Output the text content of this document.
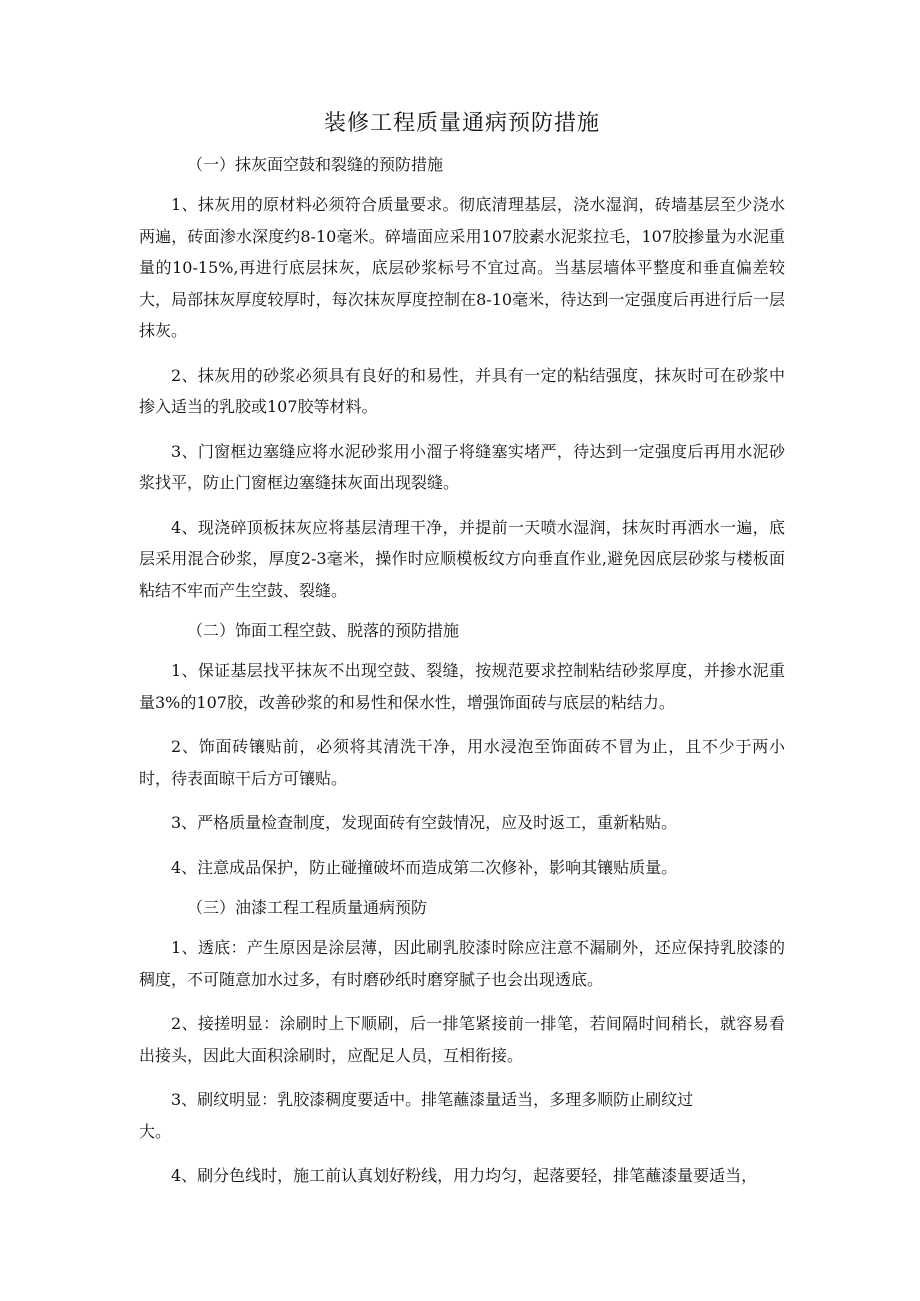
装修工程质量通病预防措施
（一）抹灰面空鼓和裂缝的预防措施

1、抹灰用的原材料必须符合质量要求。彻底清理基层，浇水湿润，砖墙基层至少浇水两遍，砖面渗水深度约8-10毫米。碎墙面应采用107胶素水泥浆拉毛，107胶掺量为水泥重量的10-15%,再进行底层抹灰，底层砂浆标号不宜过高。当基层墙体平整度和垂直偏差较大，局部抹灰厚度较厚时，每次抹灰厚度控制在8-10毫米，待达到一定强度后再进行后一层抹灰。

2、抹灰用的砂浆必须具有良好的和易性，并具有一定的粘结强度，抹灰时可在砂浆中掺入适当的乳胶或107胶等材料。

3、门窗框边塞缝应将水泥砂浆用小溜子将缝塞实堵严，待达到一定强度后再用水泥砂浆找平，防止门窗框边塞缝抹灰面出现裂缝。

4、现浇碎顶板抹灰应将基层清理干净，并提前一天喷水湿润，抹灰时再洒水一遍，底层采用混合砂浆，厚度2-3毫米，操作时应顺模板纹方向垂直作业,避免因底层砂浆与楼板面粘结不牢而产生空鼓、裂缝。

（二）饰面工程空鼓、脱落的预防措施

1、保证基层找平抹灰不出现空鼓、裂缝，按规范要求控制粘结砂浆厚度，并掺水泥重量3%的107胶，改善砂浆的和易性和保水性，增强饰面砖与底层的粘结力。

2、饰面砖镶贴前，必须将其清洗干净，用水浸泡至饰面砖不冒为止，且不少于两小时，待表面晾干后方可镶贴。

3、严格质量检查制度，发现面砖有空鼓情况，应及时返工，重新粘贴。

4、注意成品保护，防止碰撞破坏而造成第二次修补，影响其镶贴质量。

（三）油漆工程工程质量通病预防

1、透底：产生原因是涂层薄，因此刷乳胶漆时除应注意不漏刷外，还应保持乳胶漆的稠度，不可随意加水过多，有时磨砂纸时磨穿腻子也会出现透底。

2、接搓明显：涂刷时上下顺刷，后一排笔紧接前一排笔，若间隔时间稍长，就容易看出接头，因此大面积涂刷时，应配足人员，互相衔接。

3、刷纹明显：乳胶漆稠度要适中。排笔蘸漆量适当，多理多顺防止刷纹过

大。

4、刷分色线时，施工前认真划好粉线，用力均匀，起落要轻，排笔蘸漆量要适当，
